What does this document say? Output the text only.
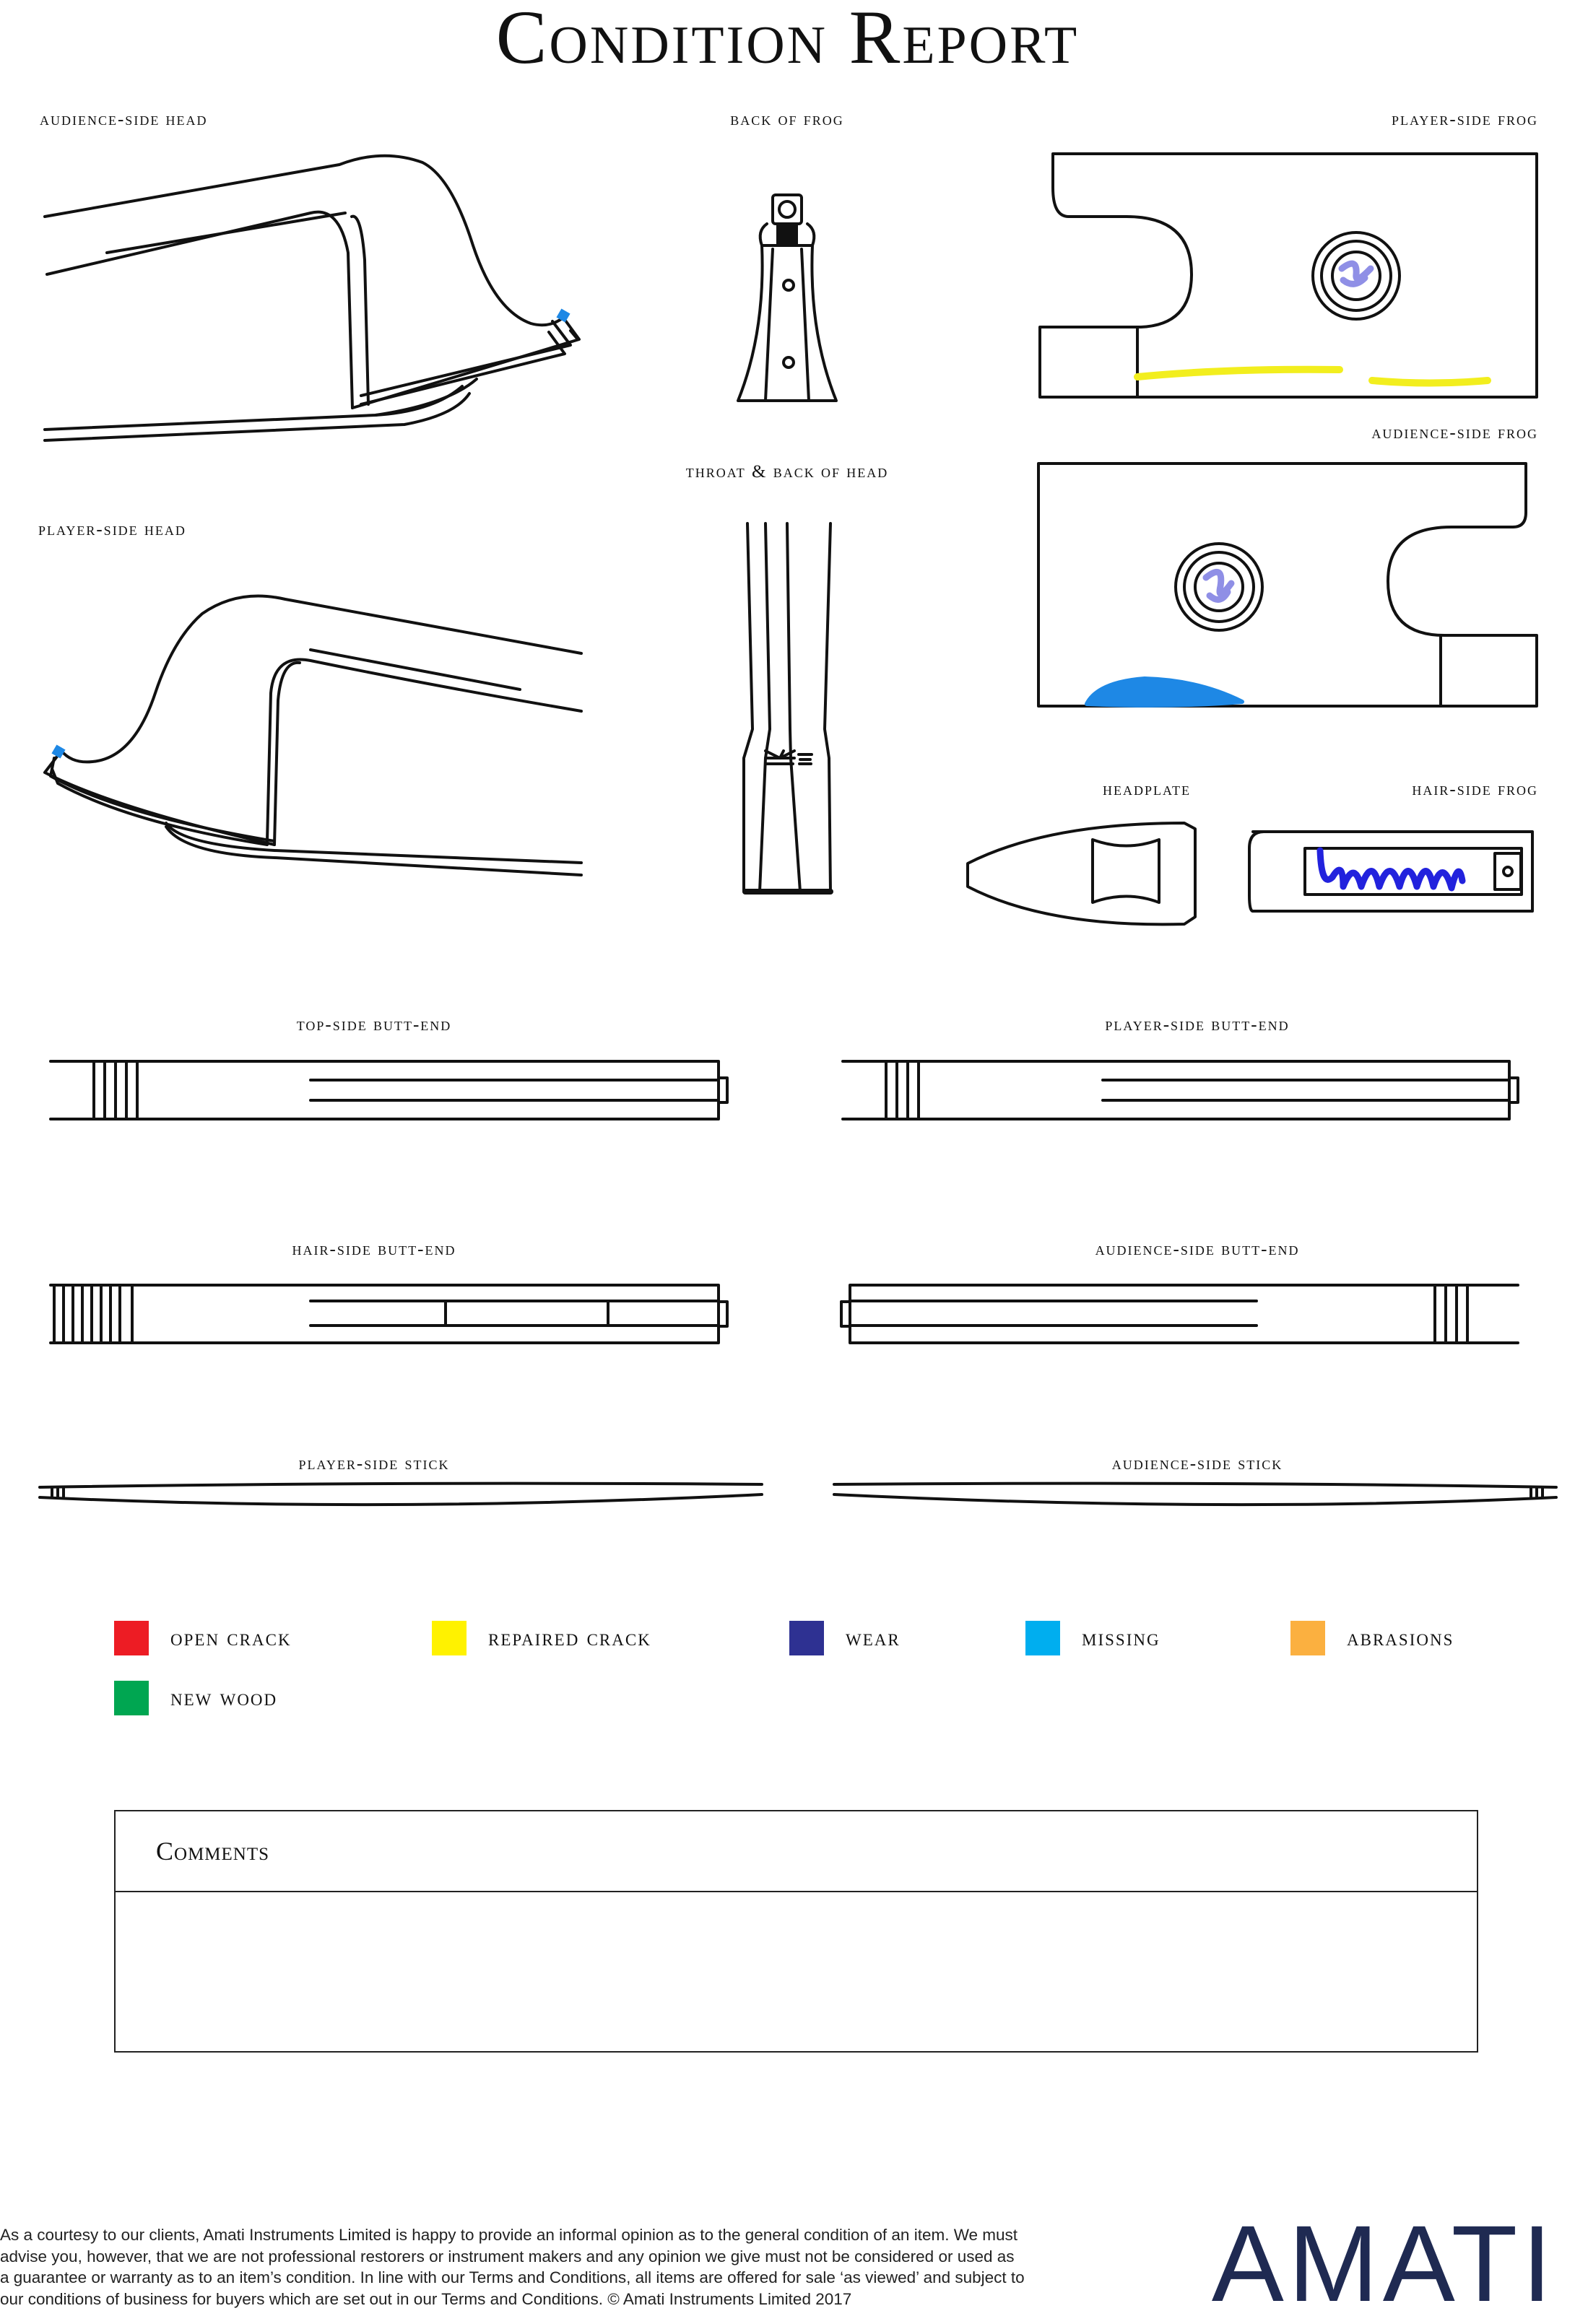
Condition Report
audience-side head	back of frog	player-side frog
audience-side frog
throat & back of head
player-side head
headplate	hair-side frog
top-side butt-end	player-side butt-end
hair-side butt-end	audience-side butt-end
player-side stick	audience-side stick
open crack	repaired crack	wear	missing	abrasions
new wood
Comments
As a courtesy to our clients, Amati Instruments Limited is happy to provide an informal opinion as to the general condition of an item. We must
advise you, however, that we are not professional restorers or instrument makers and any opinion we give must not be considered or used as
a guarantee or warranty as to an item’s condition. In line with our Terms and Conditions, all items are offered for sale ‘as viewed’ and subject to
our conditions of business for buyers which are set out in our Terms and Conditions. © Amati Instruments Limited 2017	AMATI
